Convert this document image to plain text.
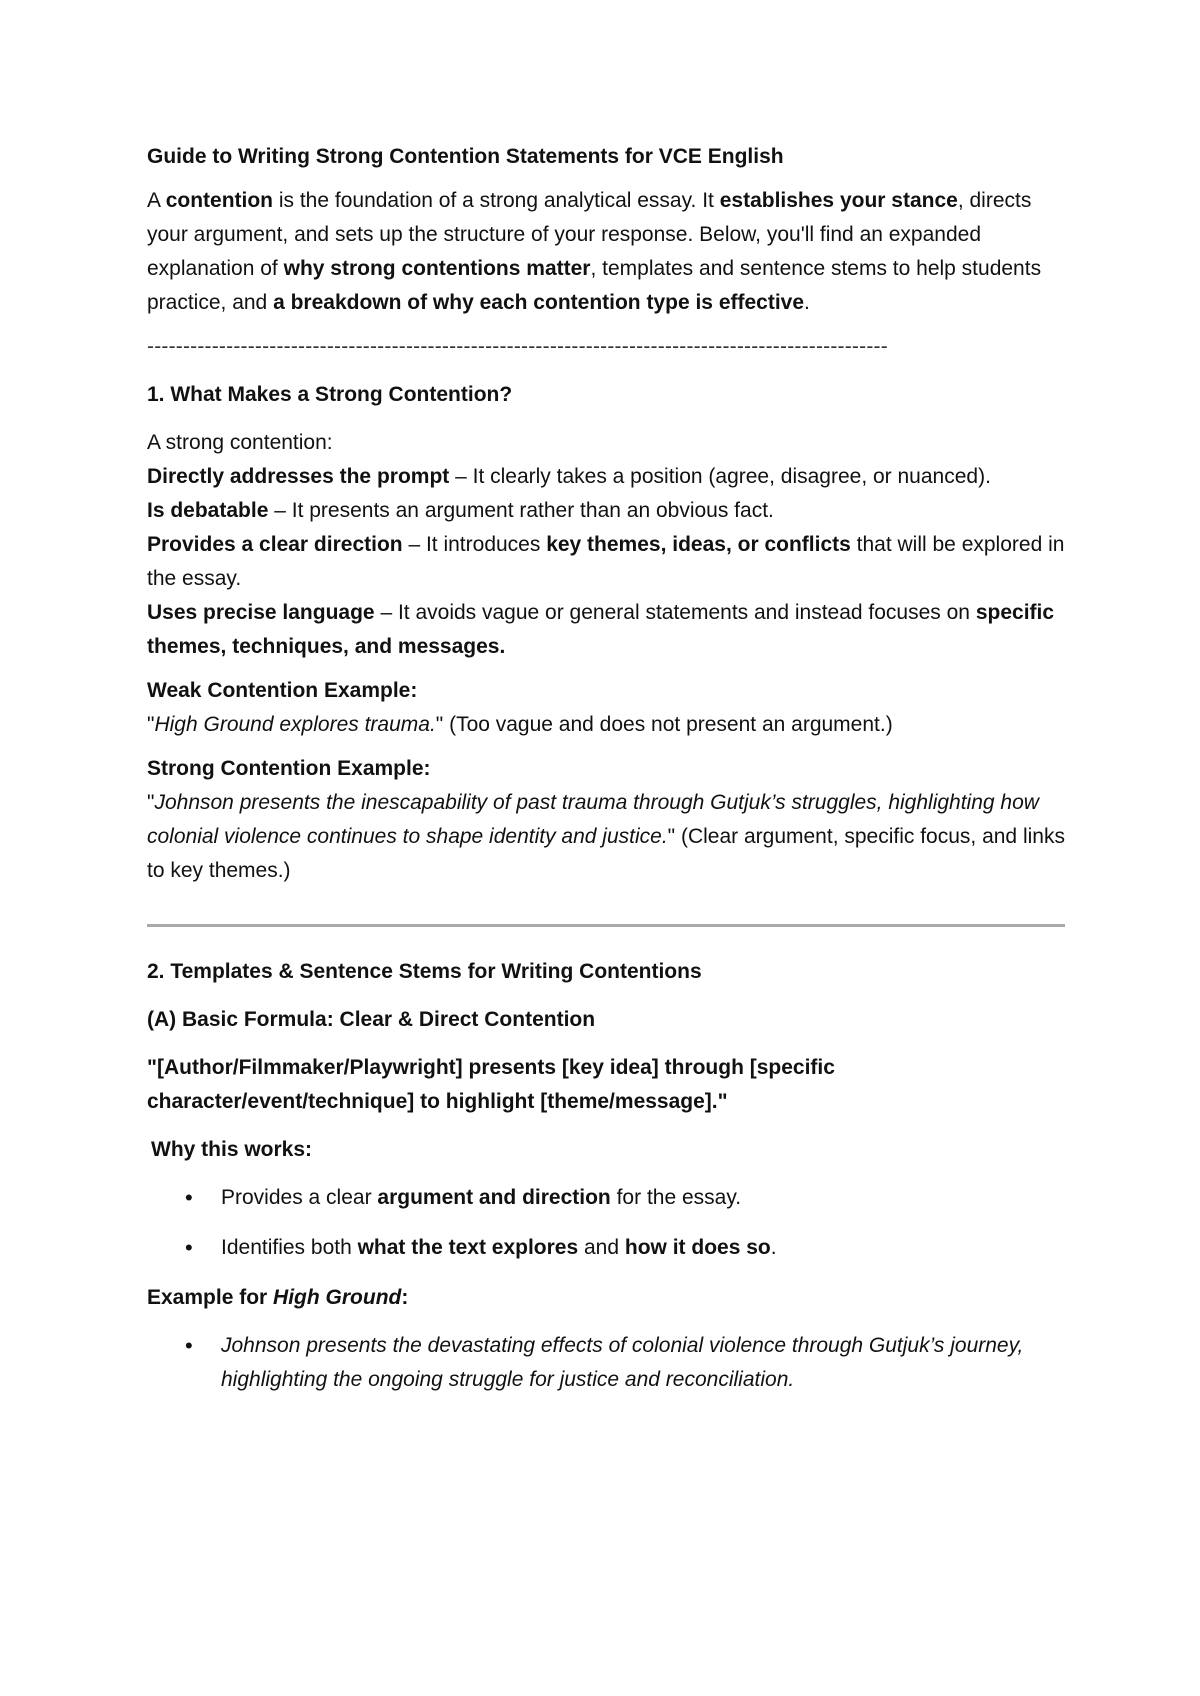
Guide to Writing Strong Contention Statements for VCE English

A contention is the foundation of a strong analytical essay. It establishes your stance, directs your argument, and sets up the structure of your response. Below, you'll find an expanded explanation of why strong contentions matter, templates and sentence stems to help students practice, and a breakdown of why each contention type is effective.

-------------------------------------------------------------------------------------------------------

1. What Makes a Strong Contention?

A strong contention:

Directly addresses the prompt – It clearly takes a position (agree, disagree, or nuanced).

Is debatable – It presents an argument rather than an obvious fact.

Provides a clear direction – It introduces key themes, ideas, or conflicts that will be explored in the essay.

Uses precise language – It avoids vague or general statements and instead focuses on specific themes, techniques, and messages.

Weak Contention Example:

"High Ground explores trauma." (Too vague and does not present an argument.)

Strong Contention Example:

"Johnson presents the inescapability of past trauma through Gutjuk’s struggles, highlighting how colonial violence continues to shape identity and justice." (Clear argument, specific focus, and links to key themes.)

2. Templates & Sentence Stems for Writing Contentions

(A) Basic Formula: Clear & Direct Contention

"[Author/Filmmaker/Playwright] presents [key idea] through [specific character/event/technique] to highlight [theme/message]."

Why this works:

• Provides a clear argument and direction for the essay.
• Identifies both what the text explores and how it does so.

Example for High Ground:

• Johnson presents the devastating effects of colonial violence through Gutjuk’s journey, highlighting the ongoing struggle for justice and reconciliation.
